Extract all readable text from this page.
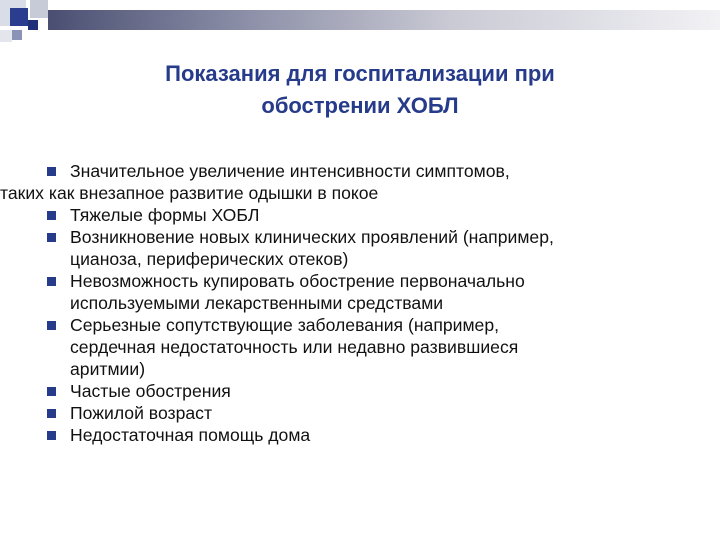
Показания для госпитализации при
обострении ХОБЛ
Значительное увеличение интенсивности симптомов,
таких как внезапное развитие одышки в покое
Тяжелые формы ХОБЛ
Возникновение новых клинических проявлений (например,
цианоза, периферических отеков)
Невозможность купировать обострение первоначально
используемыми лекарственными средствами
Серьезные сопутствующие заболевания (например,
сердечная недостаточность или недавно развившиеся
аритмии)
Частые обострения
Пожилой возраст
Недостаточная помощь дома
